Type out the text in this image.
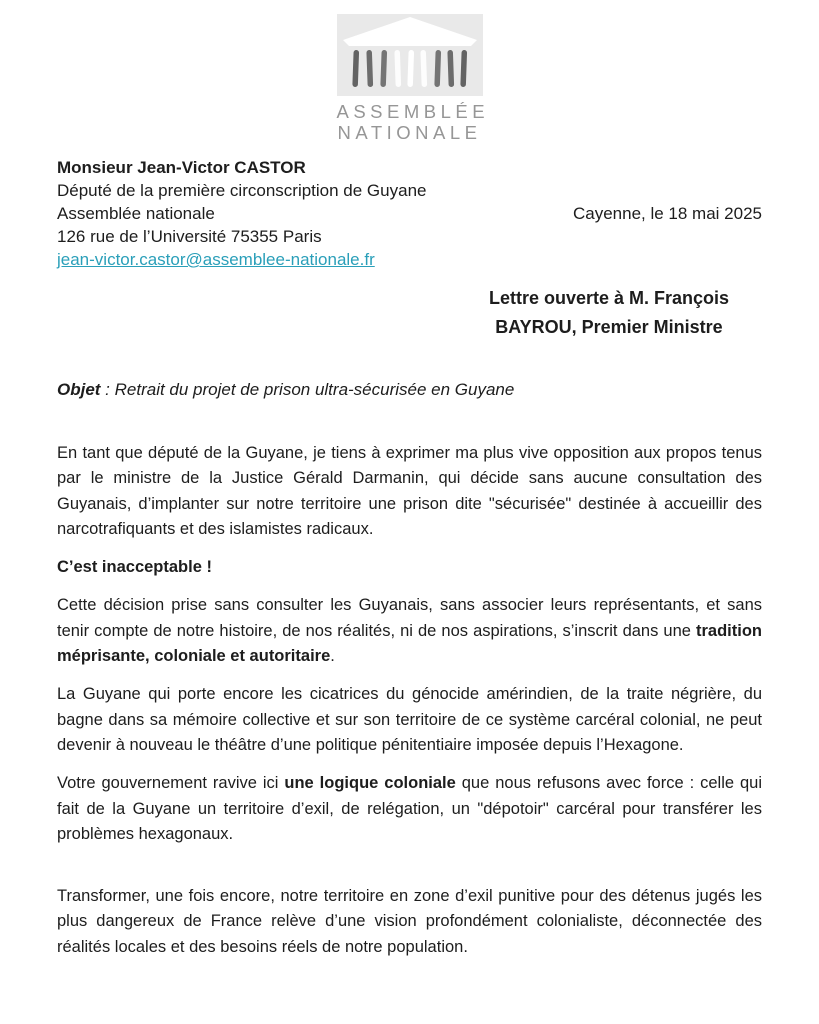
ASSEMBLÉE
NATIONALE
Monsieur Jean-Victor CASTOR
Député de la première circonscription de Guyane
Assemblée nationale
126 rue de l’Université 75355 Paris
jean-victor.castor@assemblee-nationale.fr
Cayenne, le 18 mai 2025
Lettre ouverte à M. François
BAYROU, Premier Ministre
Objet : Retrait du projet de prison ultra-sécurisée en Guyane

En tant que député de la Guyane, je tiens à exprimer ma plus vive opposition aux propos tenus par le ministre de la Justice Gérald Darmanin, qui décide sans aucune consultation des Guyanais, d’implanter sur notre territoire une prison dite "sécurisée" destinée à accueillir des narcotrafiquants et des islamistes radicaux.

C’est inacceptable !

Cette décision prise sans consulter les Guyanais, sans associer leurs représentants, et sans tenir compte de notre histoire, de nos réalités, ni de nos aspirations, s’inscrit dans une tradition méprisante, coloniale et autoritaire.

La Guyane qui porte encore les cicatrices du génocide amérindien, de la traite négrière, du bagne dans sa mémoire collective et sur son territoire de ce système carcéral colonial, ne peut devenir à nouveau le théâtre d’une politique pénitentiaire imposée depuis l’Hexagone.

Votre gouvernement ravive ici une logique coloniale que nous refusons avec force : celle qui fait de la Guyane un territoire d’exil, de relégation, un "dépotoir" carcéral pour transférer les problèmes hexagonaux.

Transformer, une fois encore, notre territoire en zone d’exil punitive pour des détenus jugés les plus dangereux de France relève d’une vision profondément colonialiste, déconnectée des réalités locales et des besoins réels de notre population.
